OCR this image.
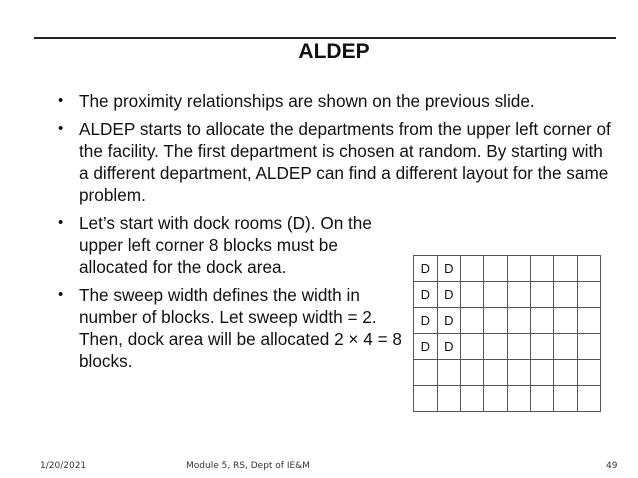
ALDEP
• The proximity relationships are shown on the previous slide.
• ALDEP starts to allocate the departments from the upper left corner of the facility. The first department is chosen at random. By starting with a different department, ALDEP can find a different layout for the same problem.
• Let’s start with dock rooms (D). On the upper left corner 8 blocks must be allocated for the dock area.
• The sweep width defines the width in number of blocks. Let sweep width = 2. Then, dock area will be allocated 2 × 4 = 8 blocks.
D	D						
D	D						
D	D						
D	D						

1/20/2021	Module 5, RS, Dept of IE&M	49
